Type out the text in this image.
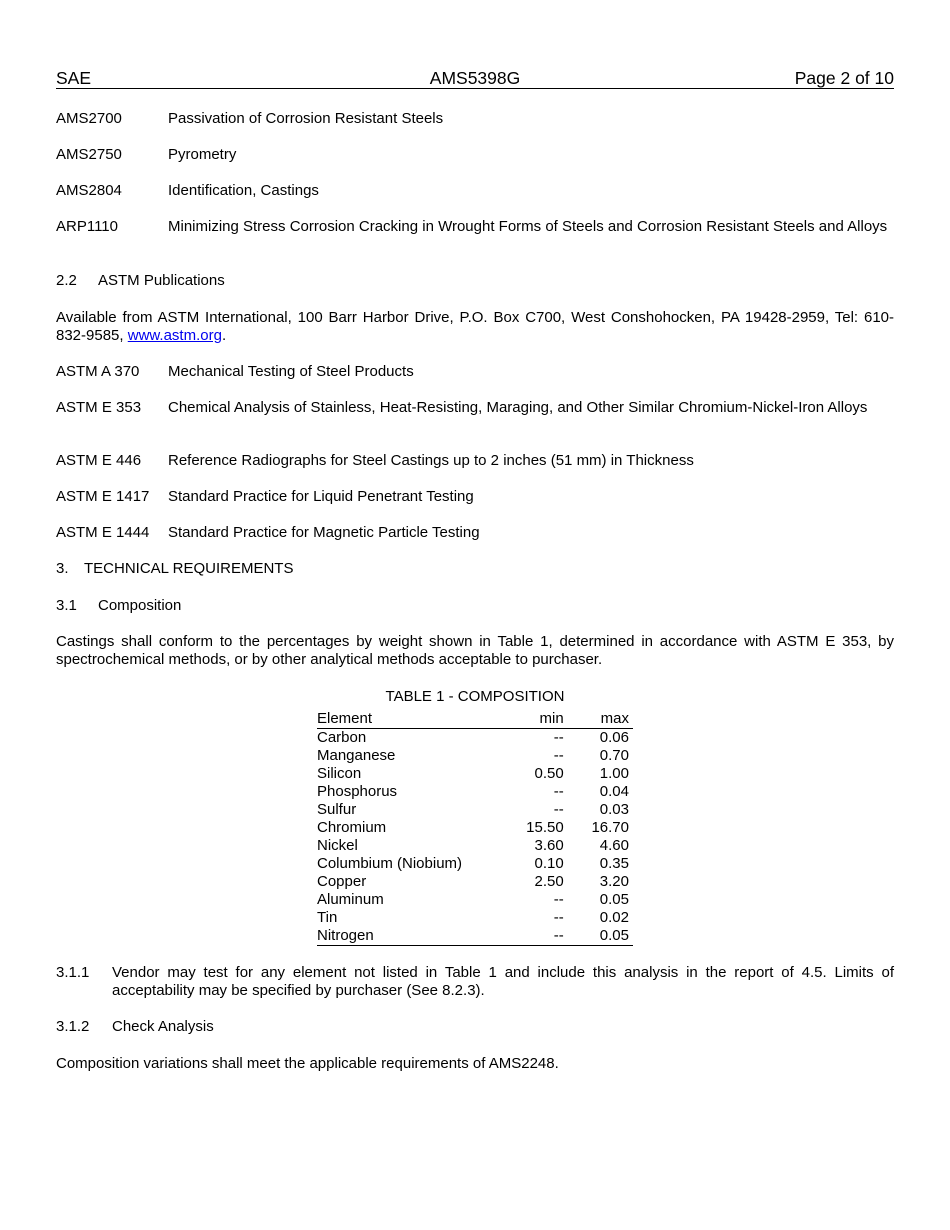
SAE	AMS5398G	Page 2 of 10
AMS2700	Passivation of Corrosion Resistant Steels
AMS2750	Pyrometry
AMS2804	Identification, Castings
ARP1110	Minimizing Stress Corrosion Cracking in Wrought Forms of Steels and Corrosion Resistant Steels and Alloys
2.2 ASTM Publications
Available from ASTM International, 100 Barr Harbor Drive, P.O. Box C700, West Conshohocken, PA 19428-2959, Tel: 610-832-9585, www.astm.org.
ASTM A 370 Mechanical Testing of Steel Products
ASTM E 353 Chemical Analysis of Stainless, Heat-Resisting, Maraging, and Other Similar Chromium-Nickel-Iron Alloys
ASTM E 446 Reference Radiographs for Steel Castings up to 2 inches (51 mm) in Thickness
ASTM E 1417 Standard Practice for Liquid Penetrant Testing
ASTM E 1444 Standard Practice for Magnetic Particle Testing
3. TECHNICAL REQUIREMENTS
3.1 Composition
Castings shall conform to the percentages by weight shown in Table 1, determined in accordance with ASTM E 353, by spectrochemical methods, or by other analytical methods acceptable to purchaser.
TABLE 1 - COMPOSITION
Element	min	max
Carbon	--	0.06
Manganese	--	0.70
Silicon	0.50	1.00
Phosphorus	--	0.04
Sulfur	--	0.03
Chromium	15.50	16.70
Nickel	3.60	4.60
Columbium (Niobium)	0.10	0.35
Copper	2.50	3.20
Aluminum	--	0.05
Tin	--	0.02
Nitrogen	--	0.05
3.1.1 Vendor may test for any element not listed in Table 1 and include this analysis in the report of 4.5. Limits of acceptability may be specified by purchaser (See 8.2.3).
3.1.2 Check Analysis
Composition variations shall meet the applicable requirements of AMS2248.
